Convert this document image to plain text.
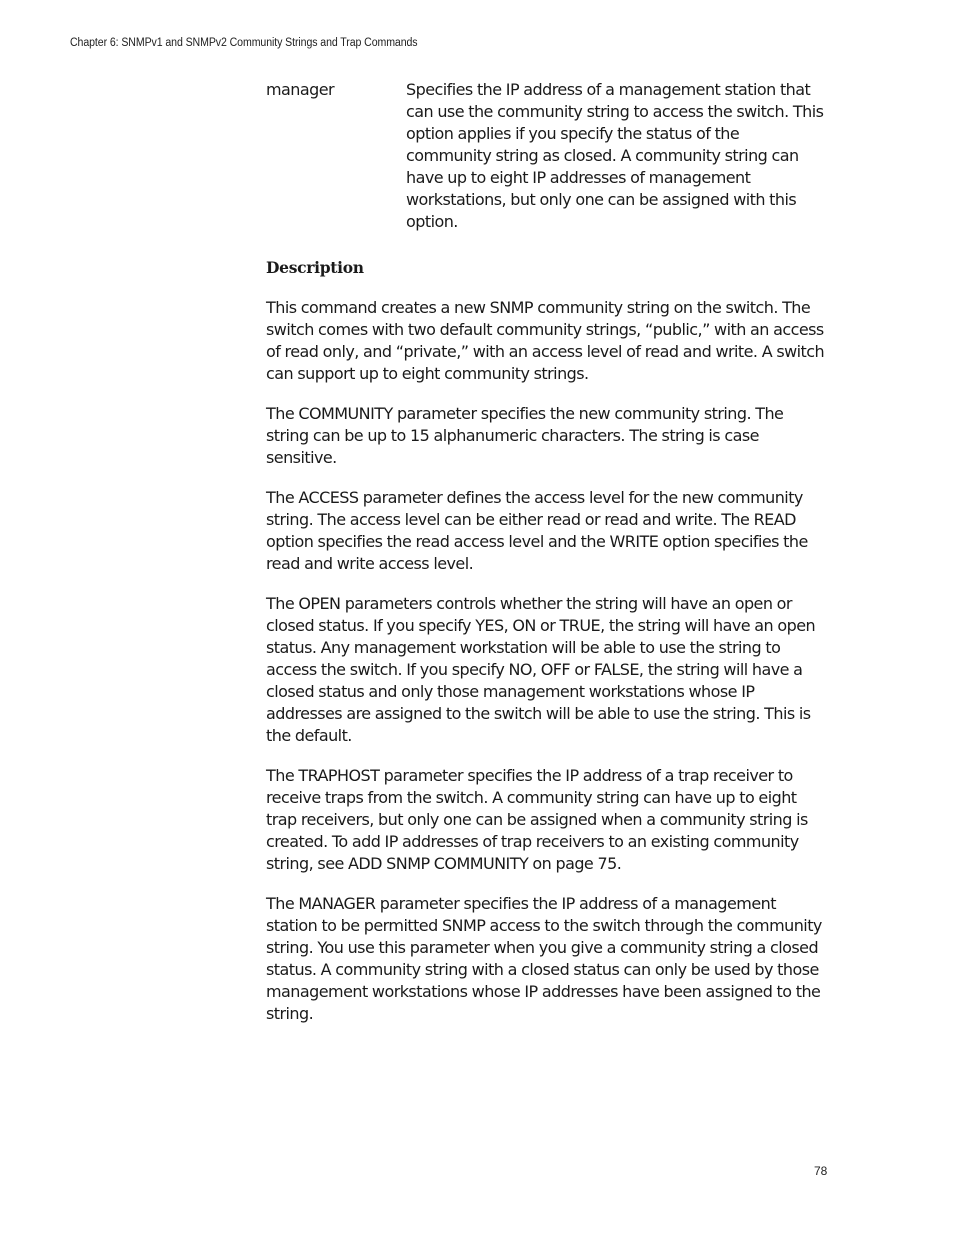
Chapter 6: SNMPv1 and SNMPv2 Community Strings and Trap Commands
manager	Specifies the IP address of a management station that can use the community string to access the switch. This option applies if you specify the status of the community string as closed. A community string can have up to eight IP addresses of management workstations, but only one can be assigned with this option.

Description

This command creates a new SNMP community string on the switch. The switch comes with two default community strings, “public,” with an access of read only, and “private,” with an access level of read and write. A switch can support up to eight community strings.

The COMMUNITY parameter specifies the new community string. The string can be up to 15 alphanumeric characters. The string is case sensitive.

The ACCESS parameter defines the access level for the new community string. The access level can be either read or read and write. The READ option specifies the read access level and the WRITE option specifies the read and write access level.

The OPEN parameters controls whether the string will have an open or closed status. If you specify YES, ON or TRUE, the string will have an open status. Any management workstation will be able to use the string to access the switch. If you specify NO, OFF or FALSE, the string will have a closed status and only those management workstations whose IP addresses are assigned to the switch will be able to use the string. This is the default.

The TRAPHOST parameter specifies the IP address of a trap receiver to receive traps from the switch. A community string can have up to eight trap receivers, but only one can be assigned when a community string is created. To add IP addresses of trap receivers to an existing community string, see ADD SNMP COMMUNITY on page 75.

The MANAGER parameter specifies the IP address of a management station to be permitted SNMP access to the switch through the community string. You use this parameter when you give a community string a closed status. A community string with a closed status can only be used by those management workstations whose IP addresses have been assigned to the string.

78
